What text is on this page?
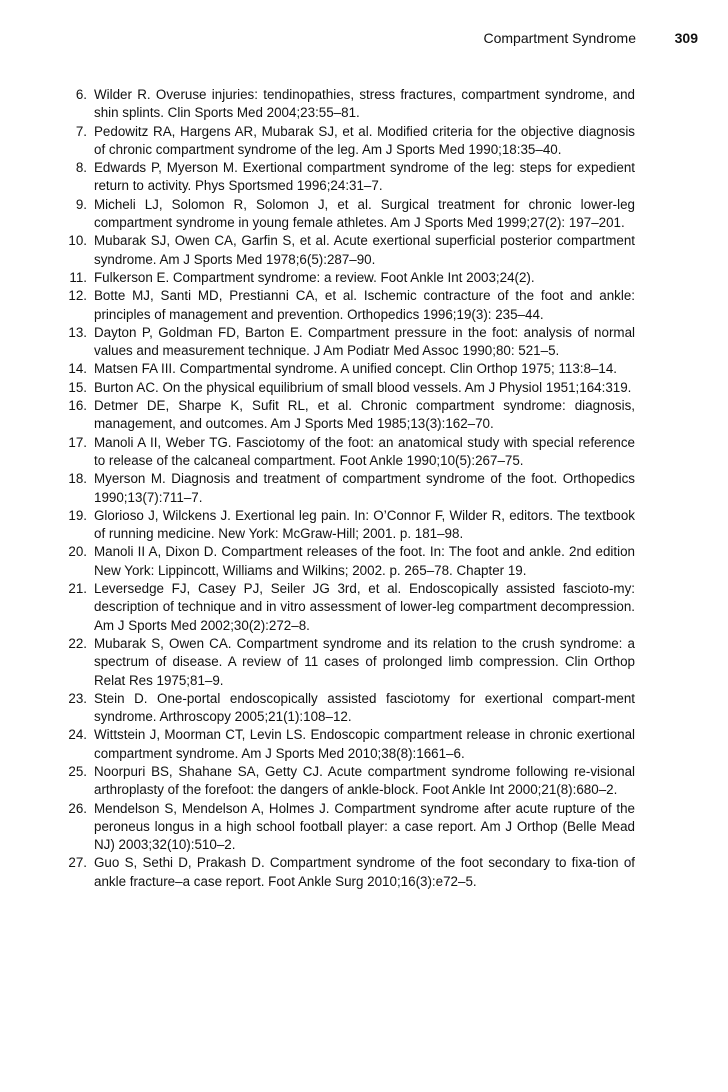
Compartment Syndrome	309
6. Wilder R. Overuse injuries: tendinopathies, stress fractures, compartment syndrome, and shin splints. Clin Sports Med 2004;23:55–81.
7. Pedowitz RA, Hargens AR, Mubarak SJ, et al. Modified criteria for the objective diagnosis of chronic compartment syndrome of the leg. Am J Sports Med 1990;18:35–40.
8. Edwards P, Myerson M. Exertional compartment syndrome of the leg: steps for expedient return to activity. Phys Sportsmed 1996;24:31–7.
9. Micheli LJ, Solomon R, Solomon J, et al. Surgical treatment for chronic lower-leg compartment syndrome in young female athletes. Am J Sports Med 1999;27(2): 197–201.
10. Mubarak SJ, Owen CA, Garfin S, et al. Acute exertional superficial posterior compartment syndrome. Am J Sports Med 1978;6(5):287–90.
11. Fulkerson E. Compartment syndrome: a review. Foot Ankle Int 2003;24(2).
12. Botte MJ, Santi MD, Prestianni CA, et al. Ischemic contracture of the foot and ankle: principles of management and prevention. Orthopedics 1996;19(3): 235–44.
13. Dayton P, Goldman FD, Barton E. Compartment pressure in the foot: analysis of normal values and measurement technique. J Am Podiatr Med Assoc 1990;80: 521–5.
14. Matsen FA III. Compartmental syndrome. A unified concept. Clin Orthop 1975; 113:8–14.
15. Burton AC. On the physical equilibrium of small blood vessels. Am J Physiol 1951;164:319.
16. Detmer DE, Sharpe K, Sufit RL, et al. Chronic compartment syndrome: diagnosis, management, and outcomes. Am J Sports Med 1985;13(3):162–70.
17. Manoli A II, Weber TG. Fasciotomy of the foot: an anatomical study with special reference to release of the calcaneal compartment. Foot Ankle 1990;10(5):267–75.
18. Myerson M. Diagnosis and treatment of compartment syndrome of the foot. Orthopedics 1990;13(7):711–7.
19. Glorioso J, Wilckens J. Exertional leg pain. In: O’Connor F, Wilder R, editors. The textbook of running medicine. New York: McGraw-Hill; 2001. p. 181–98.
20. Manoli II A, Dixon D. Compartment releases of the foot. In: The foot and ankle. 2nd edition New York: Lippincott, Williams and Wilkins; 2002. p. 265–78. Chapter 19.
21. Leversedge FJ, Casey PJ, Seiler JG 3rd, et al. Endoscopically assisted fascioto-my: description of technique and in vitro assessment of lower-leg compartment decompression. Am J Sports Med 2002;30(2):272–8.
22. Mubarak S, Owen CA. Compartment syndrome and its relation to the crush syndrome: a spectrum of disease. A review of 11 cases of prolonged limb compression. Clin Orthop Relat Res 1975;81–9.
23. Stein D. One-portal endoscopically assisted fasciotomy for exertional compart-ment syndrome. Arthroscopy 2005;21(1):108–12.
24. Wittstein J, Moorman CT, Levin LS. Endoscopic compartment release in chronic exertional compartment syndrome. Am J Sports Med 2010;38(8):1661–6.
25. Noorpuri BS, Shahane SA, Getty CJ. Acute compartment syndrome following re-visional arthroplasty of the forefoot: the dangers of ankle-block. Foot Ankle Int 2000;21(8):680–2.
26. Mendelson S, Mendelson A, Holmes J. Compartment syndrome after acute rupture of the peroneus longus in a high school football player: a case report. Am J Orthop (Belle Mead NJ) 2003;32(10):510–2.
27. Guo S, Sethi D, Prakash D. Compartment syndrome of the foot secondary to fixa-tion of ankle fracture–a case report. Foot Ankle Surg 2010;16(3):e72–5.
